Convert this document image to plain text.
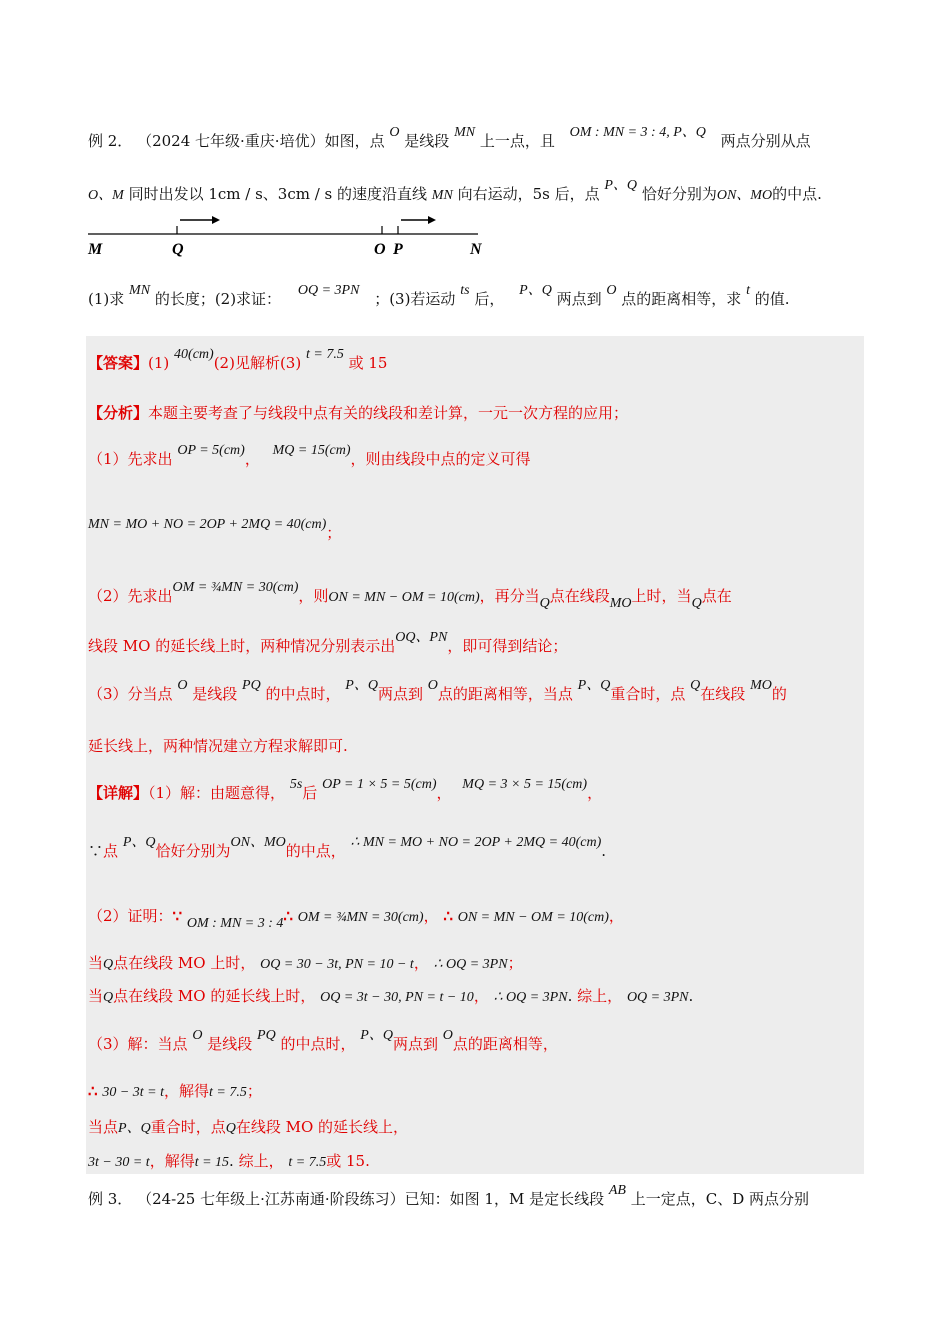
例 2． （2024 七年级·重庆·培优）如图，点 O 是线段 MN 上一点，且 OM : MN = 3 : 4, P、Q 两点分别从点
O、M 同时出发以 1cm / s、3cm / s 的速度沿直线 MN 向右运动，5s 后，点 P、Q 恰好分别为ON、MO的中点.
M	Q	O P	N
(1)求 MN 的长度；(2)求证： OQ = 3PN ；(3)若运动 ts 后， P、Q 两点到 O 点的距离相等，求 t 的值.
【答案】(1) 40(cm)(2)见解析(3) t = 7.5 或 15
【分析】本题主要考查了与线段中点有关的线段和差计算，一元一次方程的应用；
（1）先求出 OP = 5(cm)， MQ = 15(cm)，则由线段中点的定义可得
MN = MO + NO = 2OP + 2MQ = 40(cm)；
（2）先求出OM = ¾MN = 30(cm)，则ON = MN − OM = 10(cm)，再分当Q点在线段MO上时，当Q点在
线段 MO 的延长线上时，两种情况分别表示出OQ、PN，即可得到结论；
（3）分当点 O 是线段 PQ 的中点时， P、Q两点到 O点的距离相等，当点 P、Q重合时，点 Q在线段 MO的
延长线上，两种情况建立方程求解即可.
【详解】（1）解：由题意得， 5s后 OP = 1 × 5 = 5(cm)， MQ = 3 × 5 = 15(cm)，
∵点 P、Q恰好分别为ON、MO的中点， ∴ MN = MO + NO = 2OP + 2MQ = 40(cm).
（2）证明：∵ OM : MN = 3 : 4∴ OM = ¾MN = 30(cm)， ∴ ON = MN − OM = 10(cm)，
当Q点在线段 MO 上时， OQ = 30 − 3t, PN = 10 − t， ∴ OQ = 3PN；
当Q点在线段 MO 的延长线上时， OQ = 3t − 30, PN = t − 10， ∴ OQ = 3PN. 综上， OQ = 3PN.
（3）解：当点 O 是线段 PQ 的中点时， P、Q两点到 O点的距离相等，
∴ 30 − 3t = t，解得t = 7.5；
当点P、Q重合时，点Q在线段 MO 的延长线上，
3t − 30 = t，解得t = 15. 综上， t = 7.5或 15.
例 3． （24-25 七年级上·江苏南通·阶段练习）已知：如图 1，M 是定长线段 AB 上一定点，C、D 两点分别
